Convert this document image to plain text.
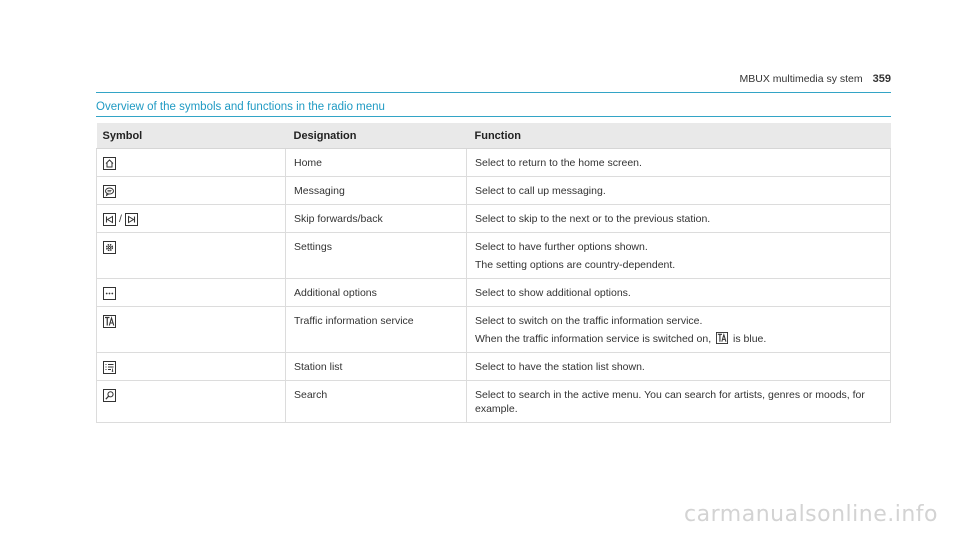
MBUX multimedia sy stem 359
Overview of the symbols and functions in the radio menu
Symbol	Designation	Function

	Home	Select to return to the home screen.

	Messaging	Select to call up messaging.

/	Skip forwards/back	Select to skip to the next or to the previous station.

	Settings	Select to have further options shown.
The setting options are country-dependent.

	Additional options	Select to show additional options.

	Traffic information service	Select to switch on the traffic information service.
When the traffic information service is switched on, is blue.

	Station list	Select to have the station list shown.

	Search	Select to search in the active menu. You can search for artists, genres or moods, for example.
carmanualsonline.info
